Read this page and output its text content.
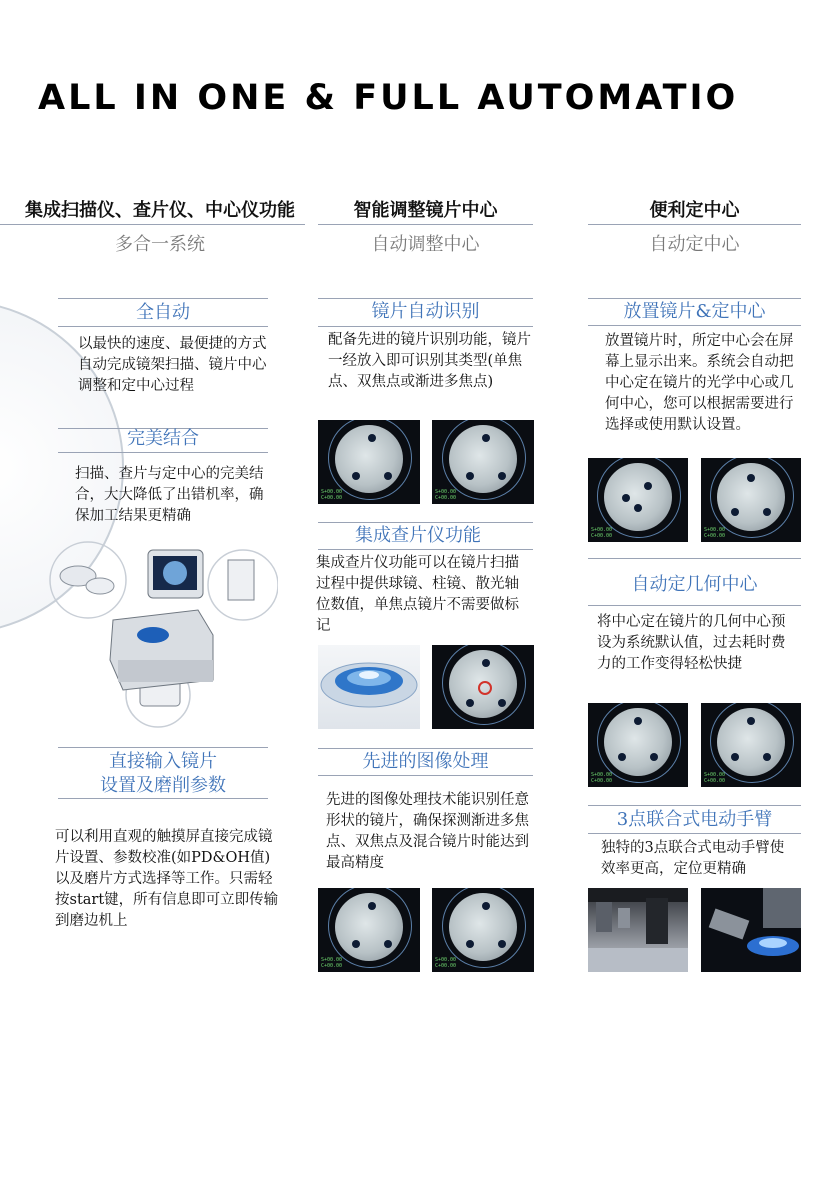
ALL IN ONE & FULL AUTOMATIO
集成扫描仪、查片仪、中心仪功能
多合一系统
全自动
以最快的速度、最便捷的方式自动完成镜架扫描、镜片中心调整和定中心过程
完美结合
扫描、查片与定中心的完美结合，大大降低了出错机率，确保加工结果更精确
直接输入镜片
设置及磨削参数
可以利用直观的触摸屏直接完成镜片设置、参数校准(如PD&OH值)以及磨片方式选择等工作。只需轻按start键，所有信息即可立即传输到磨边机上
智能调整镜片中心
自动调整中心
镜片自动识别
配备先进的镜片识别功能，镜片一经放入即可识别其类型(单焦点、双焦点或渐进多焦点)
S+00.00
C+00.00
S+00.00
C+00.00
集成查片仪功能
集成查片仪功能可以在镜片扫描过程中提供球镜、柱镜、散光轴位数值，单焦点镜片不需要做标记
先进的图像处理
先进的图像处理技术能识别任意形状的镜片，确保探测渐进多焦点、双焦点及混合镜片时能达到最高精度
S+00.00
C+00.00
S+00.00
C+00.00
便利定中心
自动定中心
放置镜片&定中心
放置镜片时，所定中心会在屏幕上显示出来。系统会自动把中心定在镜片的光学中心或几何中心，您可以根据需要进行选择或使用默认设置。
S+00.00
C+00.00
S+00.00
C+00.00
自动定几何中心
将中心定在镜片的几何中心预设为系统默认值，过去耗时费力的工作变得轻松快捷
S+00.00
C+00.00
S+00.00
C+00.00
3点联合式电动手臂
独特的3点联合式电动手臂使效率更高，定位更精确
